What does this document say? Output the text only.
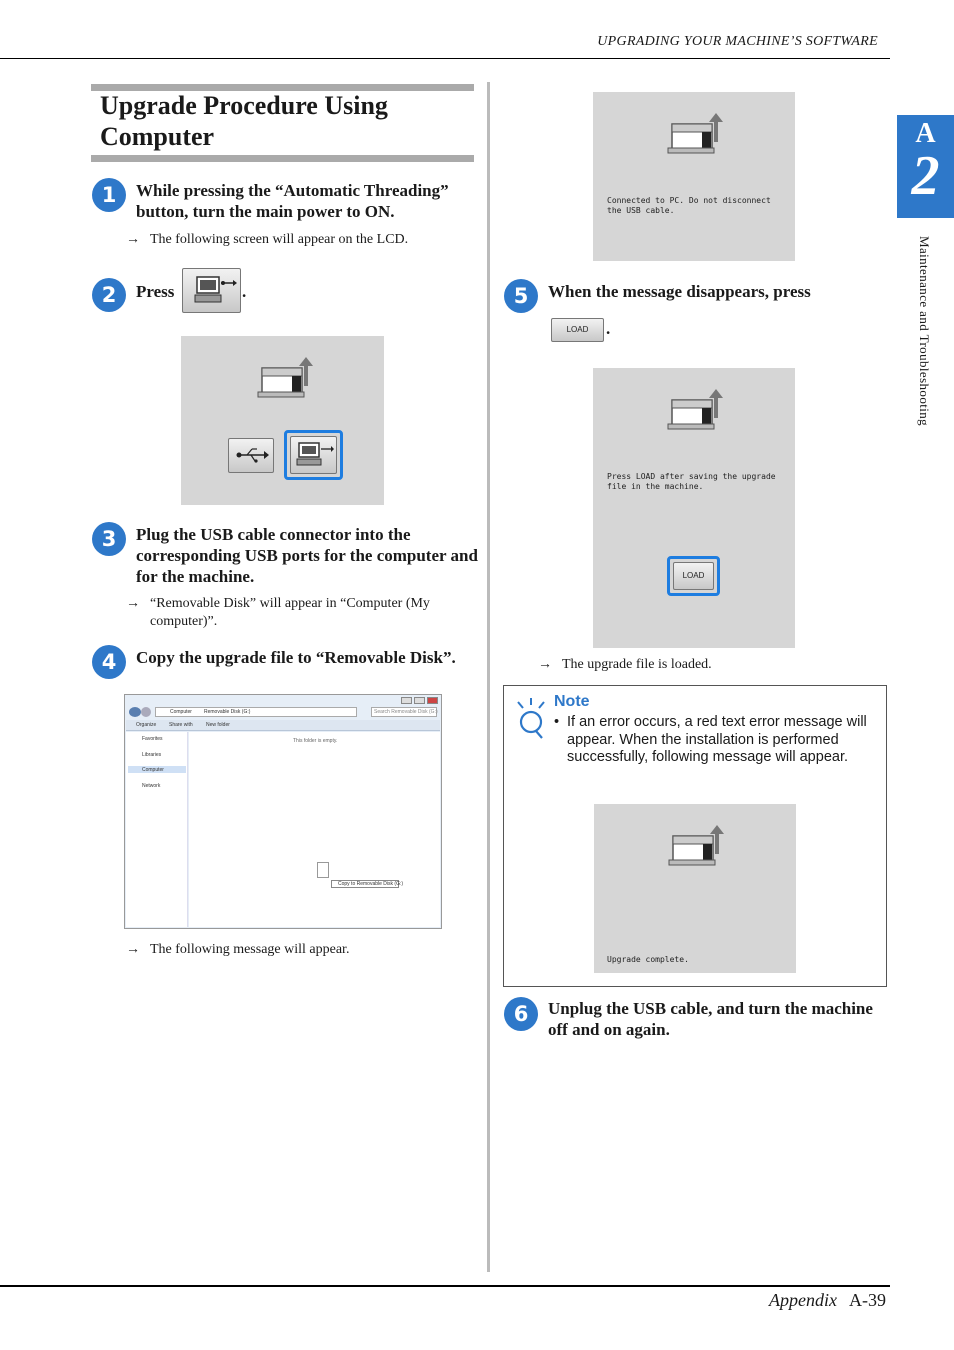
UPGRADING YOUR MACHINE’S SOFTWARE
Appendix A-39
A
2
Maintenance and Troubleshooting
Upgrade Procedure Using Computer
1	While pressing the “Automatic Threading” button, turn the main power to ON.
→ The following screen will appear on the LCD.
2	Press	.
3	Plug the USB cable connector into the corresponding USB ports for the computer and for the machine.
→ “Removable Disk” will appear in “Computer (My computer)”.
4	Copy the upgrade file to “Removable Disk”.
Computer Removable Disk (G:)	Search Removable Disk (G:)
Organize	Share with	New folder
Favorites
Libraries
Computer
Network
This folder is empty.
Copy to Removable Disk (G:)
→ The following message will appear.
Connected to PC. Do not disconnect the USB cable.
5	When the message disappears, press
LOAD	.
Press LOAD after saving the upgrade file in the machine.
LOAD
→ The upgrade file is loaded.
Note
• If an error occurs, a red text error message will appear. When the installation is performed successfully, following message will appear.
Upgrade complete.
6	Unplug the USB cable, and turn the machine off and on again.
